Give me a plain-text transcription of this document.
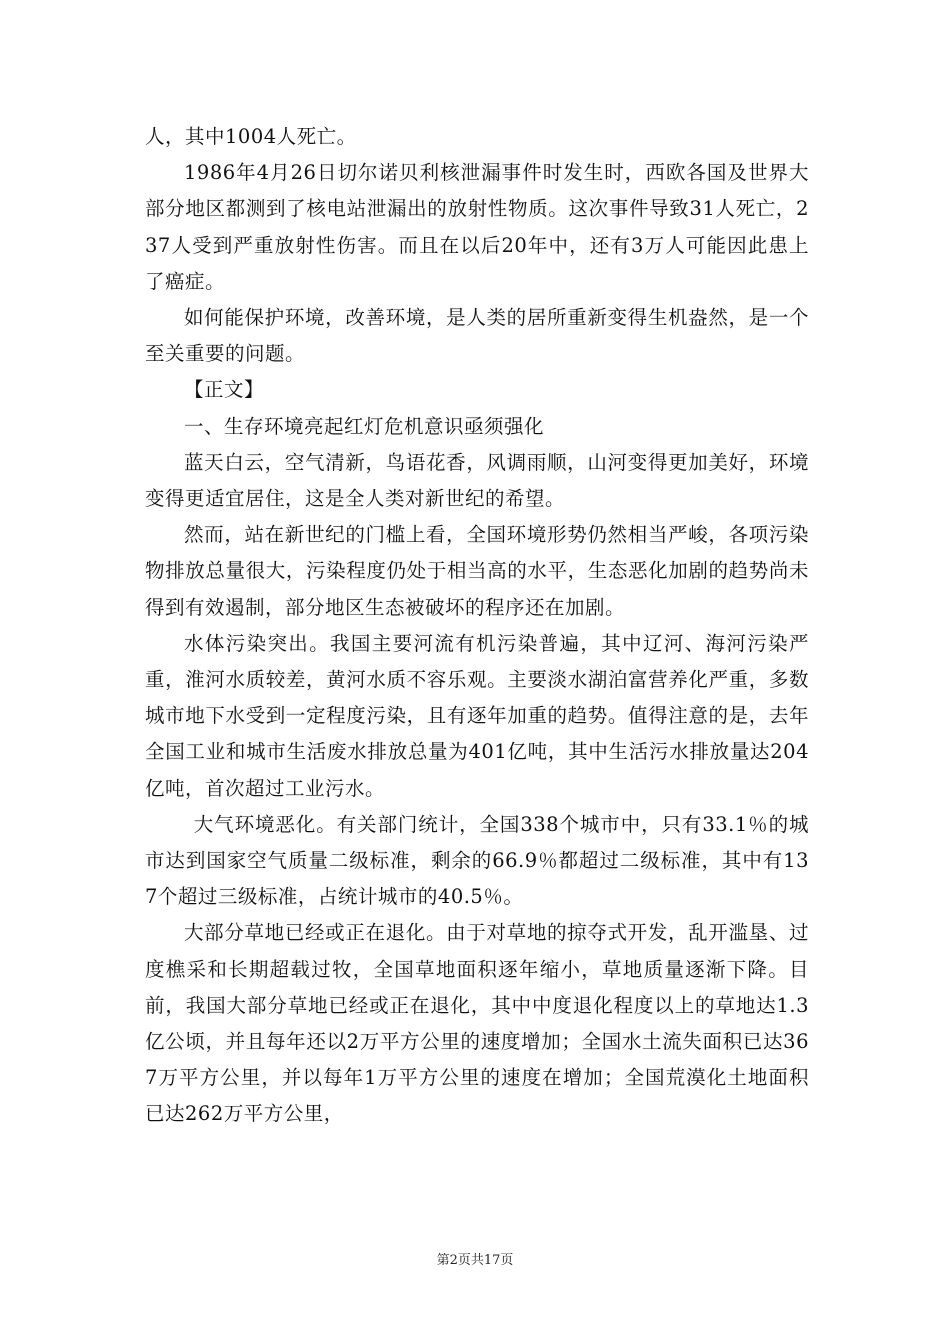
人，其中1004人死亡。

1986年4月26日切尔诺贝利核泄漏事件时发生时，西欧各国及世界大部分地区都测到了核电站泄漏出的放射性物质。这次事件导致31人死亡，237人受到严重放射性伤害。而且在以后20年中，还有3万人可能因此患上了癌症。

如何能保护环境，改善环境，是人类的居所重新变得生机盎然，是一个至关重要的问题。

【正文】

一、生存环境亮起红灯危机意识亟须强化

蓝天白云，空气清新，鸟语花香，风调雨顺，山河变得更加美好，环境变得更适宜居住，这是全人类对新世纪的希望。

然而，站在新世纪的门槛上看，全国环境形势仍然相当严峻，各项污染物排放总量很大，污染程度仍处于相当高的水平，生态恶化加剧的趋势尚未得到有效遏制，部分地区生态被破坏的程序还在加剧。

水体污染突出。我国主要河流有机污染普遍，其中辽河、海河污染严重，淮河水质较差，黄河水质不容乐观。主要淡水湖泊富营养化严重，多数城市地下水受到一定程度污染，且有逐年加重的趋势。值得注意的是，去年全国工业和城市生活废水排放总量为401亿吨，其中生活污水排放量达204亿吨，首次超过工业污水。

大气环境恶化。有关部门统计，全国338个城市中，只有33.1％的城市达到国家空气质量二级标准，剩余的66.9％都超过二级标准，其中有137个超过三级标准，占统计城市的40.5％。

大部分草地已经或正在退化。由于对草地的掠夺式开发，乱开滥垦、过度樵采和长期超载过牧，全国草地面积逐年缩小，草地质量逐渐下降。目前，我国大部分草地已经或正在退化，其中中度退化程度以上的草地达1.3亿公顷，并且每年还以2万平方公里的速度增加；全国水土流失面积已达367万平方公里，并以每年1万平方公里的速度在增加；全国荒漠化土地面积已达262万平方公里，

第2页共17页
